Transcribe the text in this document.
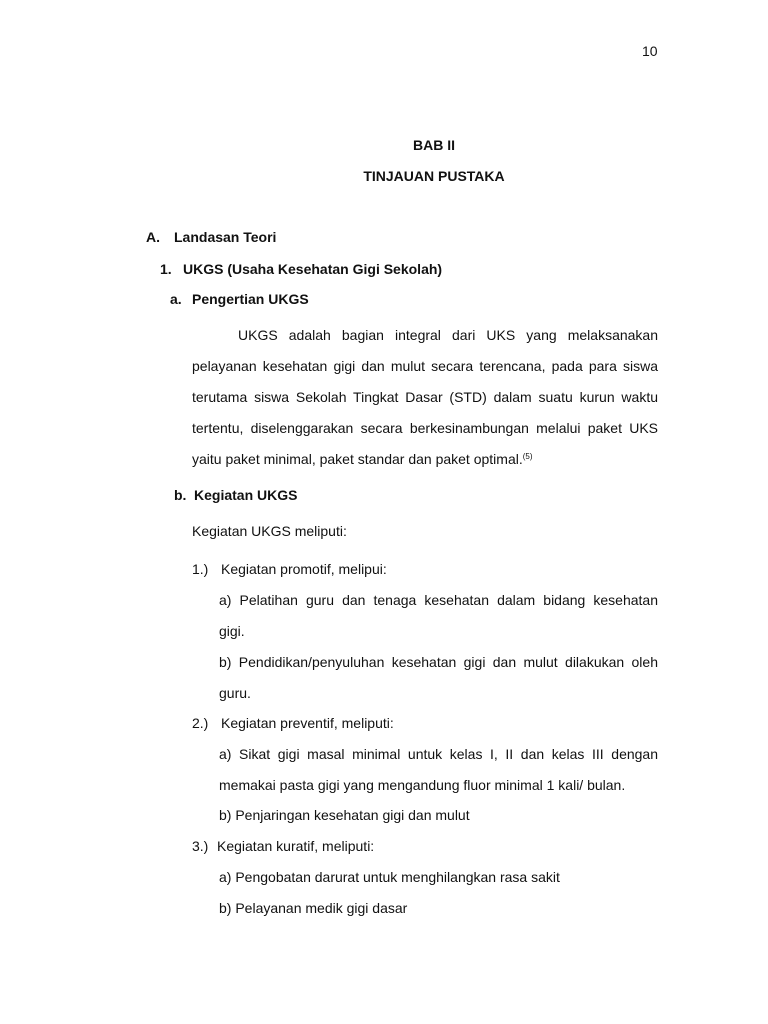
10
BAB II
TINJAUAN PUSTAKA
A. Landasan Teori
1. UKGS (Usaha Kesehatan Gigi Sekolah)
a. Pengertian UKGS
UKGS adalah bagian integral dari UKS yang melaksanakan
pelayanan kesehatan gigi dan mulut secara terencana, pada para siswa
terutama siswa Sekolah Tingkat Dasar (STD) dalam suatu kurun waktu
tertentu, diselenggarakan secara berkesinambungan melalui paket UKS
yaitu paket minimal, paket standar dan paket optimal.$^{(5)}$
b. Kegiatan UKGS
Kegiatan UKGS meliputi:
1.) Kegiatan promotif, melipui:
a) Pelatihan guru dan tenaga kesehatan dalam bidang kesehatan
gigi.
b) Pendidikan/penyuluhan kesehatan gigi dan mulut dilakukan oleh
guru.
2.) Kegiatan preventif, meliputi:
a) Sikat gigi masal minimal untuk kelas I, II dan kelas III dengan
memakai pasta gigi yang mengandung fluor minimal 1 kali/ bulan.
b) Penjaringan kesehatan gigi dan mulut
3.) Kegiatan kuratif, meliputi:
a) Pengobatan darurat untuk menghilangkan rasa sakit
b) Pelayanan medik gigi dasar
